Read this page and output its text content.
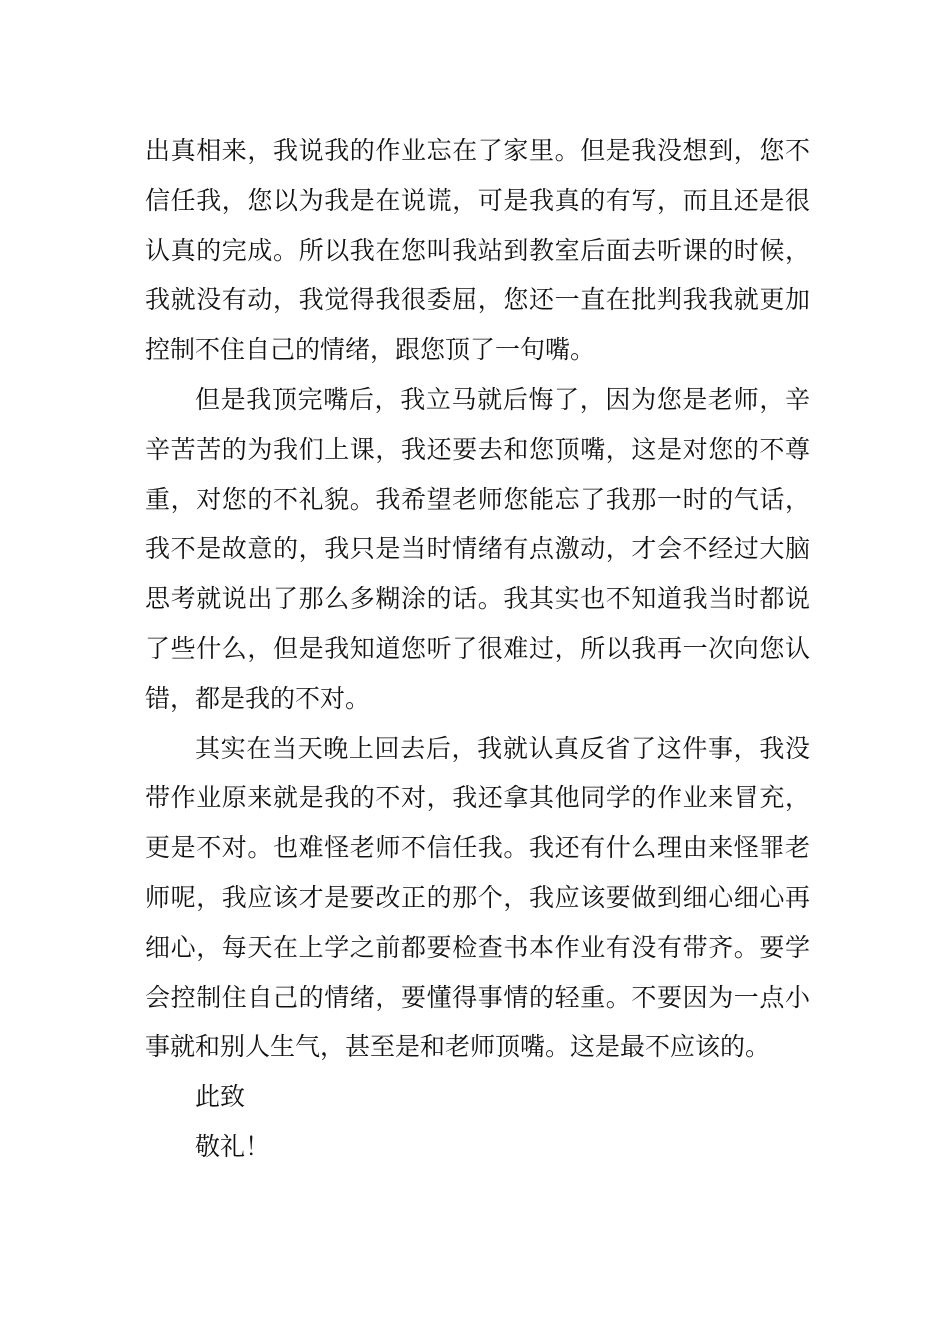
出真相来，我说我的作业忘在了家里。但是我没想到，您不信任我，您以为我是在说谎，可是我真的有写，而且还是很认真的完成。所以我在您叫我站到教室后面去听课的时候，我就没有动，我觉得我很委屈，您还一直在批判我我就更加控制不住自己的情绪，跟您顶了一句嘴。

但是我顶完嘴后，我立马就后悔了，因为您是老师，辛辛苦苦的为我们上课，我还要去和您顶嘴，这是对您的不尊重，对您的不礼貌。我希望老师您能忘了我那一时的气话，我不是故意的，我只是当时情绪有点激动，才会不经过大脑思考就说出了那么多糊涂的话。我其实也不知道我当时都说了些什么，但是我知道您听了很难过，所以我再一次向您认错，都是我的不对。

其实在当天晚上回去后，我就认真反省了这件事，我没带作业原来就是我的不对，我还拿其他同学的作业来冒充，更是不对。也难怪老师不信任我。我还有什么理由来怪罪老师呢，我应该才是要改正的那个，我应该要做到细心细心再细心，每天在上学之前都要检查书本作业有没有带齐。要学会控制住自己的情绪，要懂得事情的轻重。不要因为一点小事就和别人生气，甚至是和老师顶嘴。这是最不应该的。

此致

敬礼！
